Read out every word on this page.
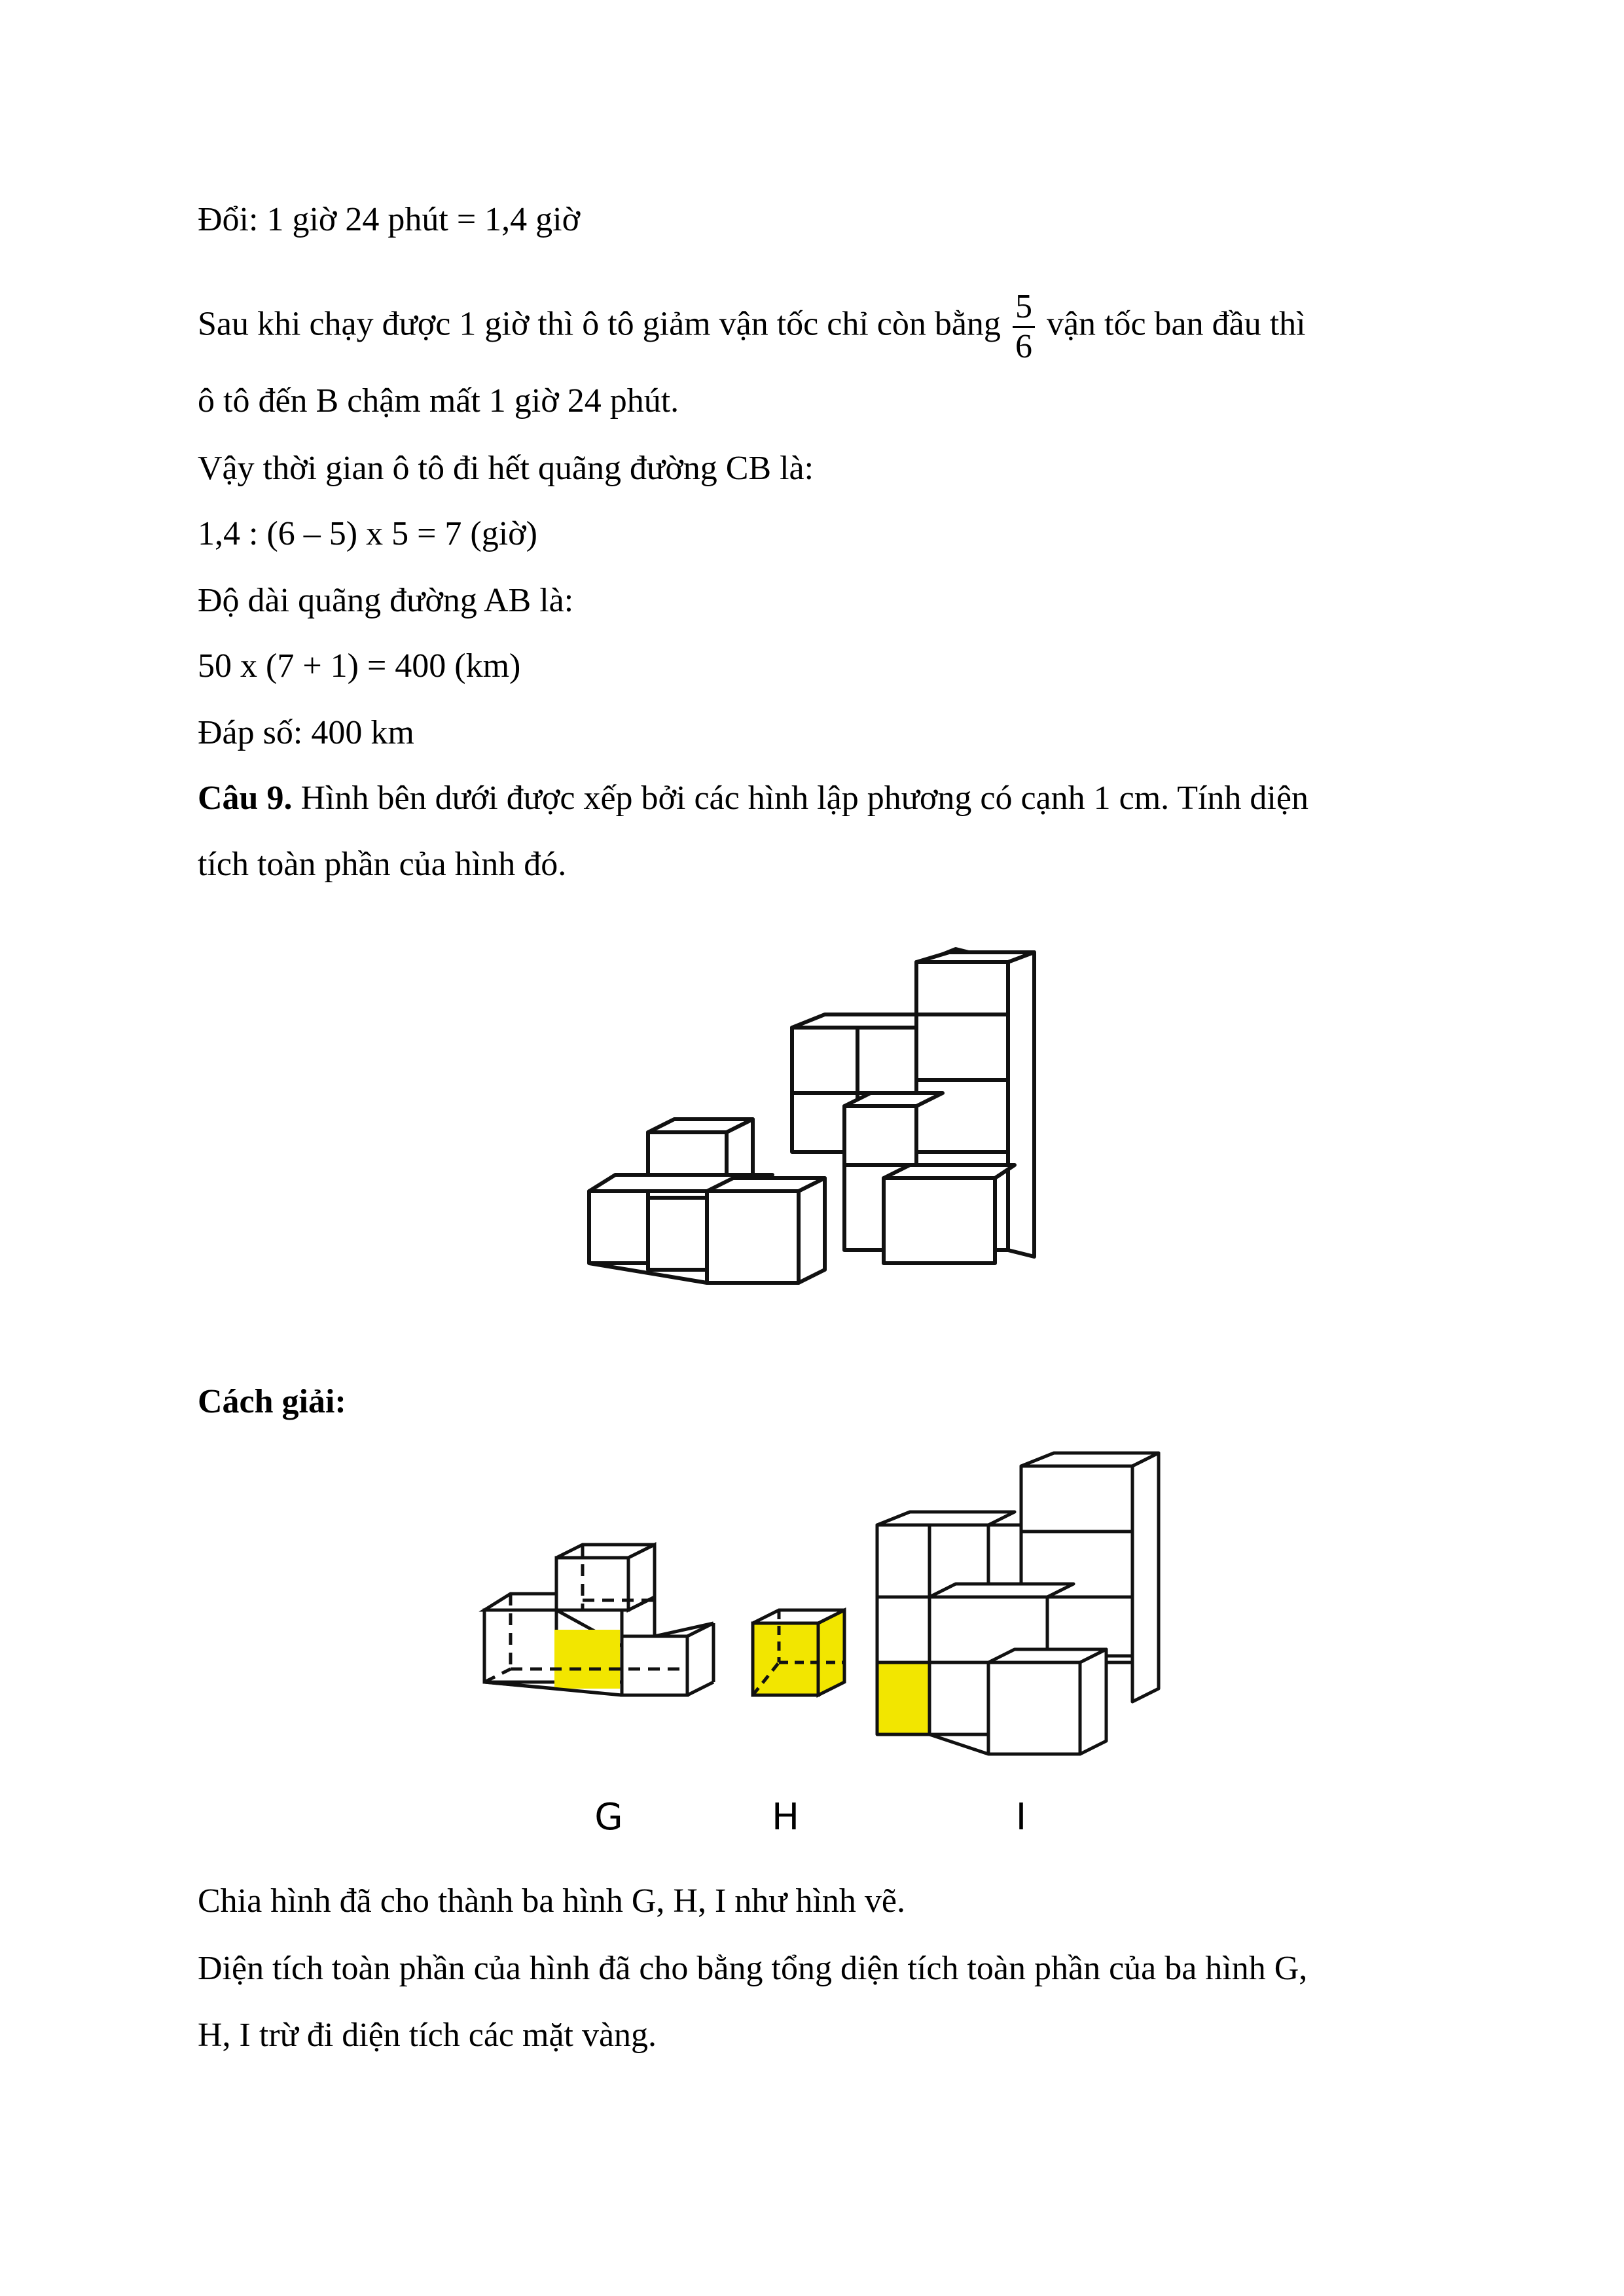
Đổi: 1 giờ 24 phút = 1,4 giờ
Sau khi chạy được 1 giờ thì ô tô giảm vận tốc chỉ còn bằng $\frac{5}{6}$ vận tốc ban đầu thì
ô tô đến B chậm mất 1 giờ 24 phút.
Vậy thời gian ô tô đi hết quãng đường CB là:
1,4 : (6 – 5) x 5 = 7 (giờ)
Độ dài quãng đường AB là:
50 x (7 + 1) = 400 (km)
Đáp số: 400 km
Câu 9. Hình bên dưới được xếp bởi các hình lập phương có cạnh 1 cm. Tính diện
tích toàn phần của hình đó.
Cách giải:
G	H	I
Chia hình đã cho thành ba hình G, H, I như hình vẽ.
Diện tích toàn phần của hình đã cho bằng tổng diện tích toàn phần của ba hình G,
H, I trừ đi diện tích các mặt vàng.
